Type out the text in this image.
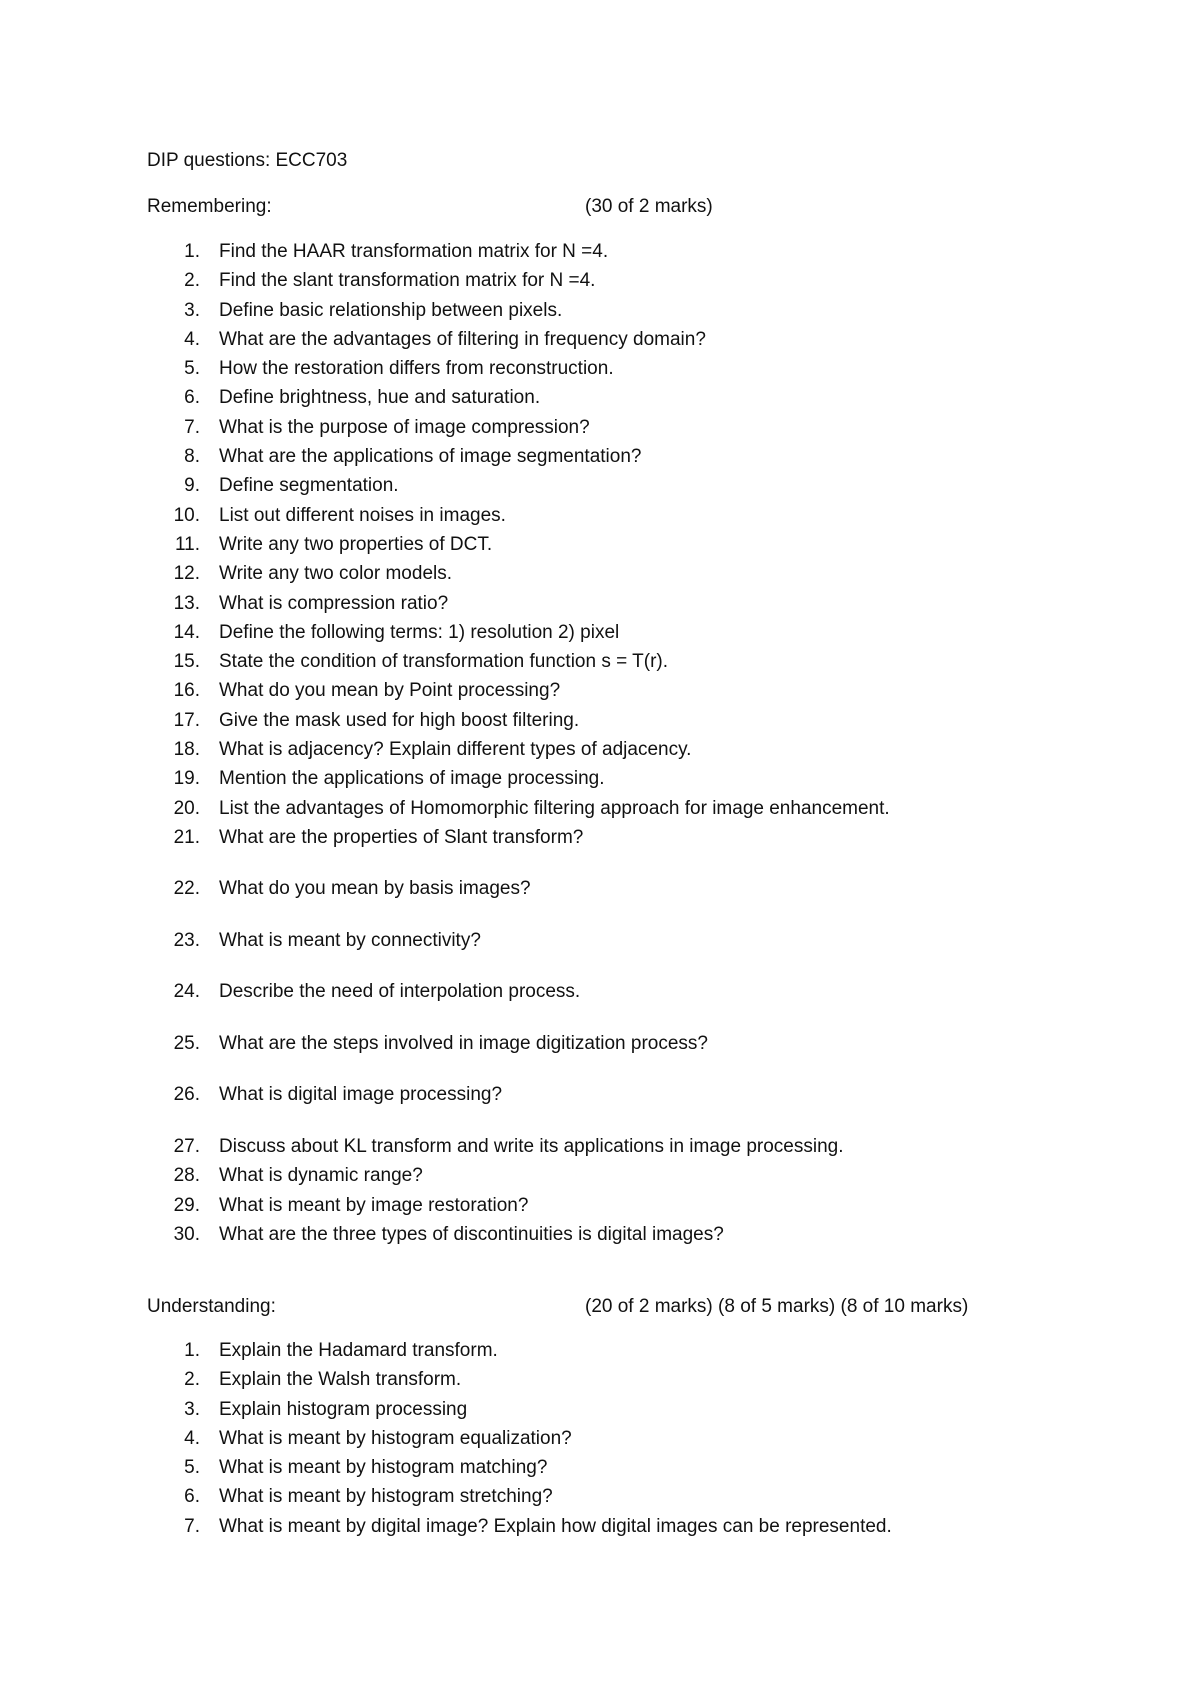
DIP questions: ECC703
Remembering:	(30 of 2 marks)
1. Find the HAAR transformation matrix for N =4.
2. Find the slant transformation matrix for N =4.
3. Define basic relationship between pixels.
4. What are the advantages of filtering in frequency domain?
5. How the restoration differs from reconstruction.
6. Define brightness, hue and saturation.
7. What is the purpose of image compression?
8. What are the applications of image segmentation?
9. Define segmentation.
10. List out different noises in images.
11. Write any two properties of DCT.
12. Write any two color models.
13. What is compression ratio?
14. Define the following terms: 1) resolution 2) pixel
15. State the condition of transformation function s = T(r).
16. What do you mean by Point processing?
17. Give the mask used for high boost filtering.
18. What is adjacency? Explain different types of adjacency.
19. Mention the applications of image processing.
20. List the advantages of Homomorphic filtering approach for image enhancement.
21. What are the properties of Slant transform?
22. What do you mean by basis images?
23. What is meant by connectivity?
24. Describe the need of interpolation process.
25. What are the steps involved in image digitization process?
26. What is digital image processing?
27. Discuss about KL transform and write its applications in image processing.
28. What is dynamic range?
29. What is meant by image restoration?
30. What are the three types of discontinuities is digital images?
Understanding:	(20 of 2 marks) (8 of 5 marks) (8 of 10 marks)
1. Explain the Hadamard transform.
2. Explain the Walsh transform.
3. Explain histogram processing
4. What is meant by histogram equalization?
5. What is meant by histogram matching?
6. What is meant by histogram stretching?
7. What is meant by digital image? Explain how digital images can be represented.
